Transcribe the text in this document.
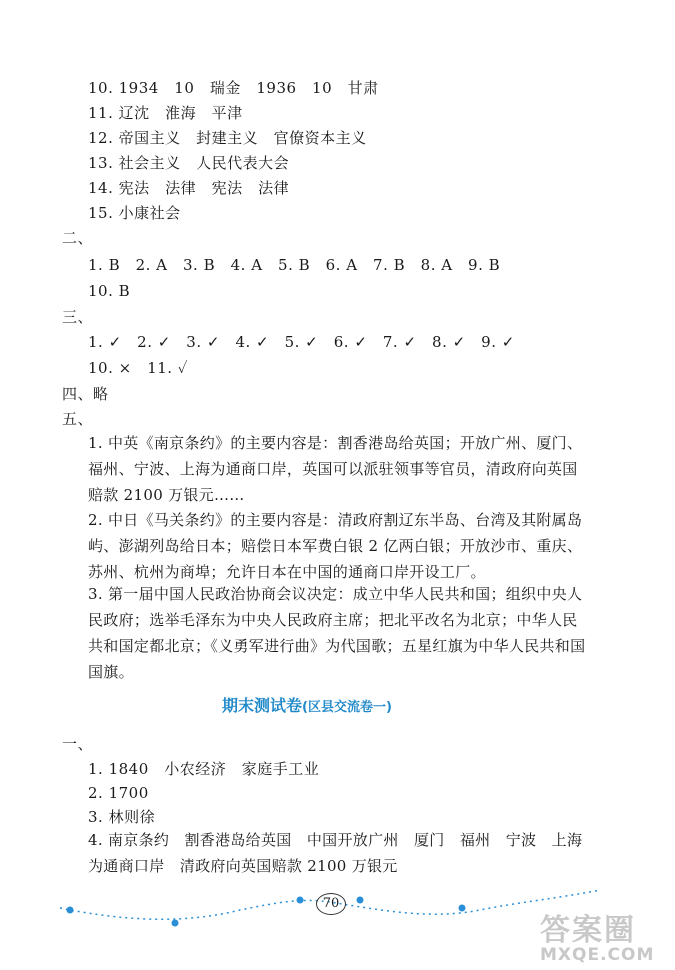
10. 1934　10　瑞金　1936　10　甘肃
11. 辽沈　淮海　平津
12. 帝国主义　封建主义　官僚资本主义
13. 社会主义　人民代表大会
14. 宪法　法律　宪法　法律
15. 小康社会
二、
1. B　2. A　3. B　4. A　5. B　6. A　7. B　8. A　9. B
10. B
三、
1. ✓　2. ✓　3. ✓　4. ✓　5. ✓　6. ✓　7. ✓　8. ✓　9. ✓
10. ×　11. ✓
四、略
五、
1. 中英《南京条约》的主要内容是：割香港岛给英国；开放广州、厦门、福州、宁波、上海为通商口岸，英国可以派驻领事等官员，清政府向英国赔款 2100 万银元……
2. 中日《马关条约》的主要内容是：清政府割辽东半岛、台湾及其附属岛屿、澎湖列岛给日本；赔偿日本军费白银 2 亿两白银；开放沙市、重庆、苏州、杭州为商埠；允许日本在中国的通商口岸开设工厂。
3. 第一届中国人民政治协商会议决定：成立中华人民共和国；组织中央人民政府；选举毛泽东为中央人民政府主席；把北平改名为北京；中华人民共和国定都北京；《义勇军进行曲》为代国歌；五星红旗为中华人民共和国国旗。
期末测试卷(区县交流卷一)
一、
1. 1840　小农经济　家庭手工业
2. 1700
3. 林则徐
4. 南京条约　割香港岛给英国　中国开放广州　厦门　福州　宁波　上海为通商口岸　清政府向英国赔款 2100 万银元
70
答案圈
MXQE.COM
